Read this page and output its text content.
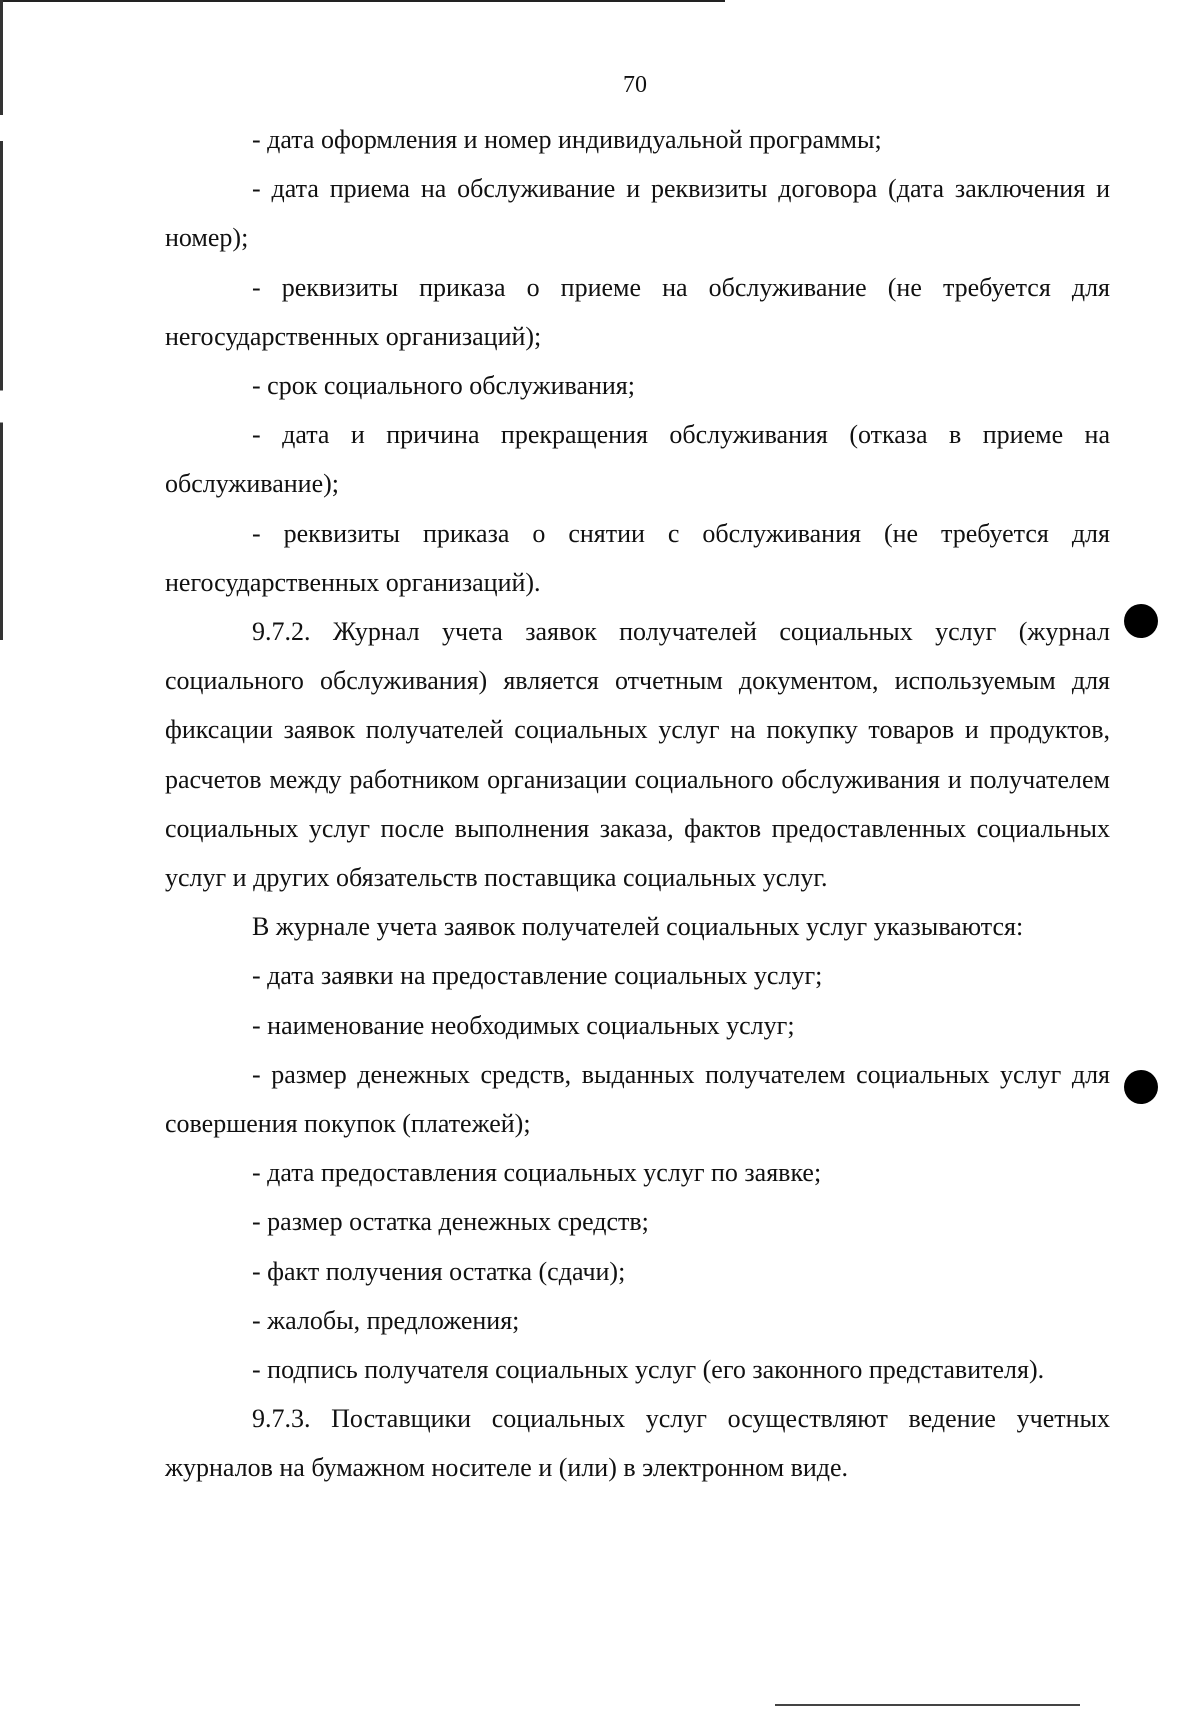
70

- дата оформления и номер индивидуальной программы;

- дата приема на обслуживание и реквизиты договора (дата заключения и номер);

- реквизиты приказа о приеме на обслуживание (не требуется для негосударственных организаций);

- срок социального обслуживания;

- дата и причина прекращения обслуживания (отказа в приеме на обслуживание);

- реквизиты приказа о снятии с обслуживания (не требуется для негосударственных организаций).

9.7.2. Журнал учета заявок получателей социальных услуг (журнал социального обслуживания) является отчетным документом, используемым для фиксации заявок получателей социальных услуг на покупку товаров и продуктов, расчетов между работником организации социального обслуживания и получателем социальных услуг после выполнения заказа, фактов предоставленных социальных услуг и других обязательств поставщика социальных услуг.

В журнале учета заявок получателей социальных услуг указываются:

- дата заявки на предоставление социальных услуг;

- наименование необходимых социальных услуг;

- размер денежных средств, выданных получателем социальных услуг для совершения покупок (платежей);

- дата предоставления социальных услуг по заявке;

- размер остатка денежных средств;

- факт получения остатка (сдачи);

- жалобы, предложения;

- подпись получателя социальных услуг (его законного представителя).

9.7.3. Поставщики социальных услуг осуществляют ведение учетных журналов на бумажном носителе и (или) в электронном виде.
